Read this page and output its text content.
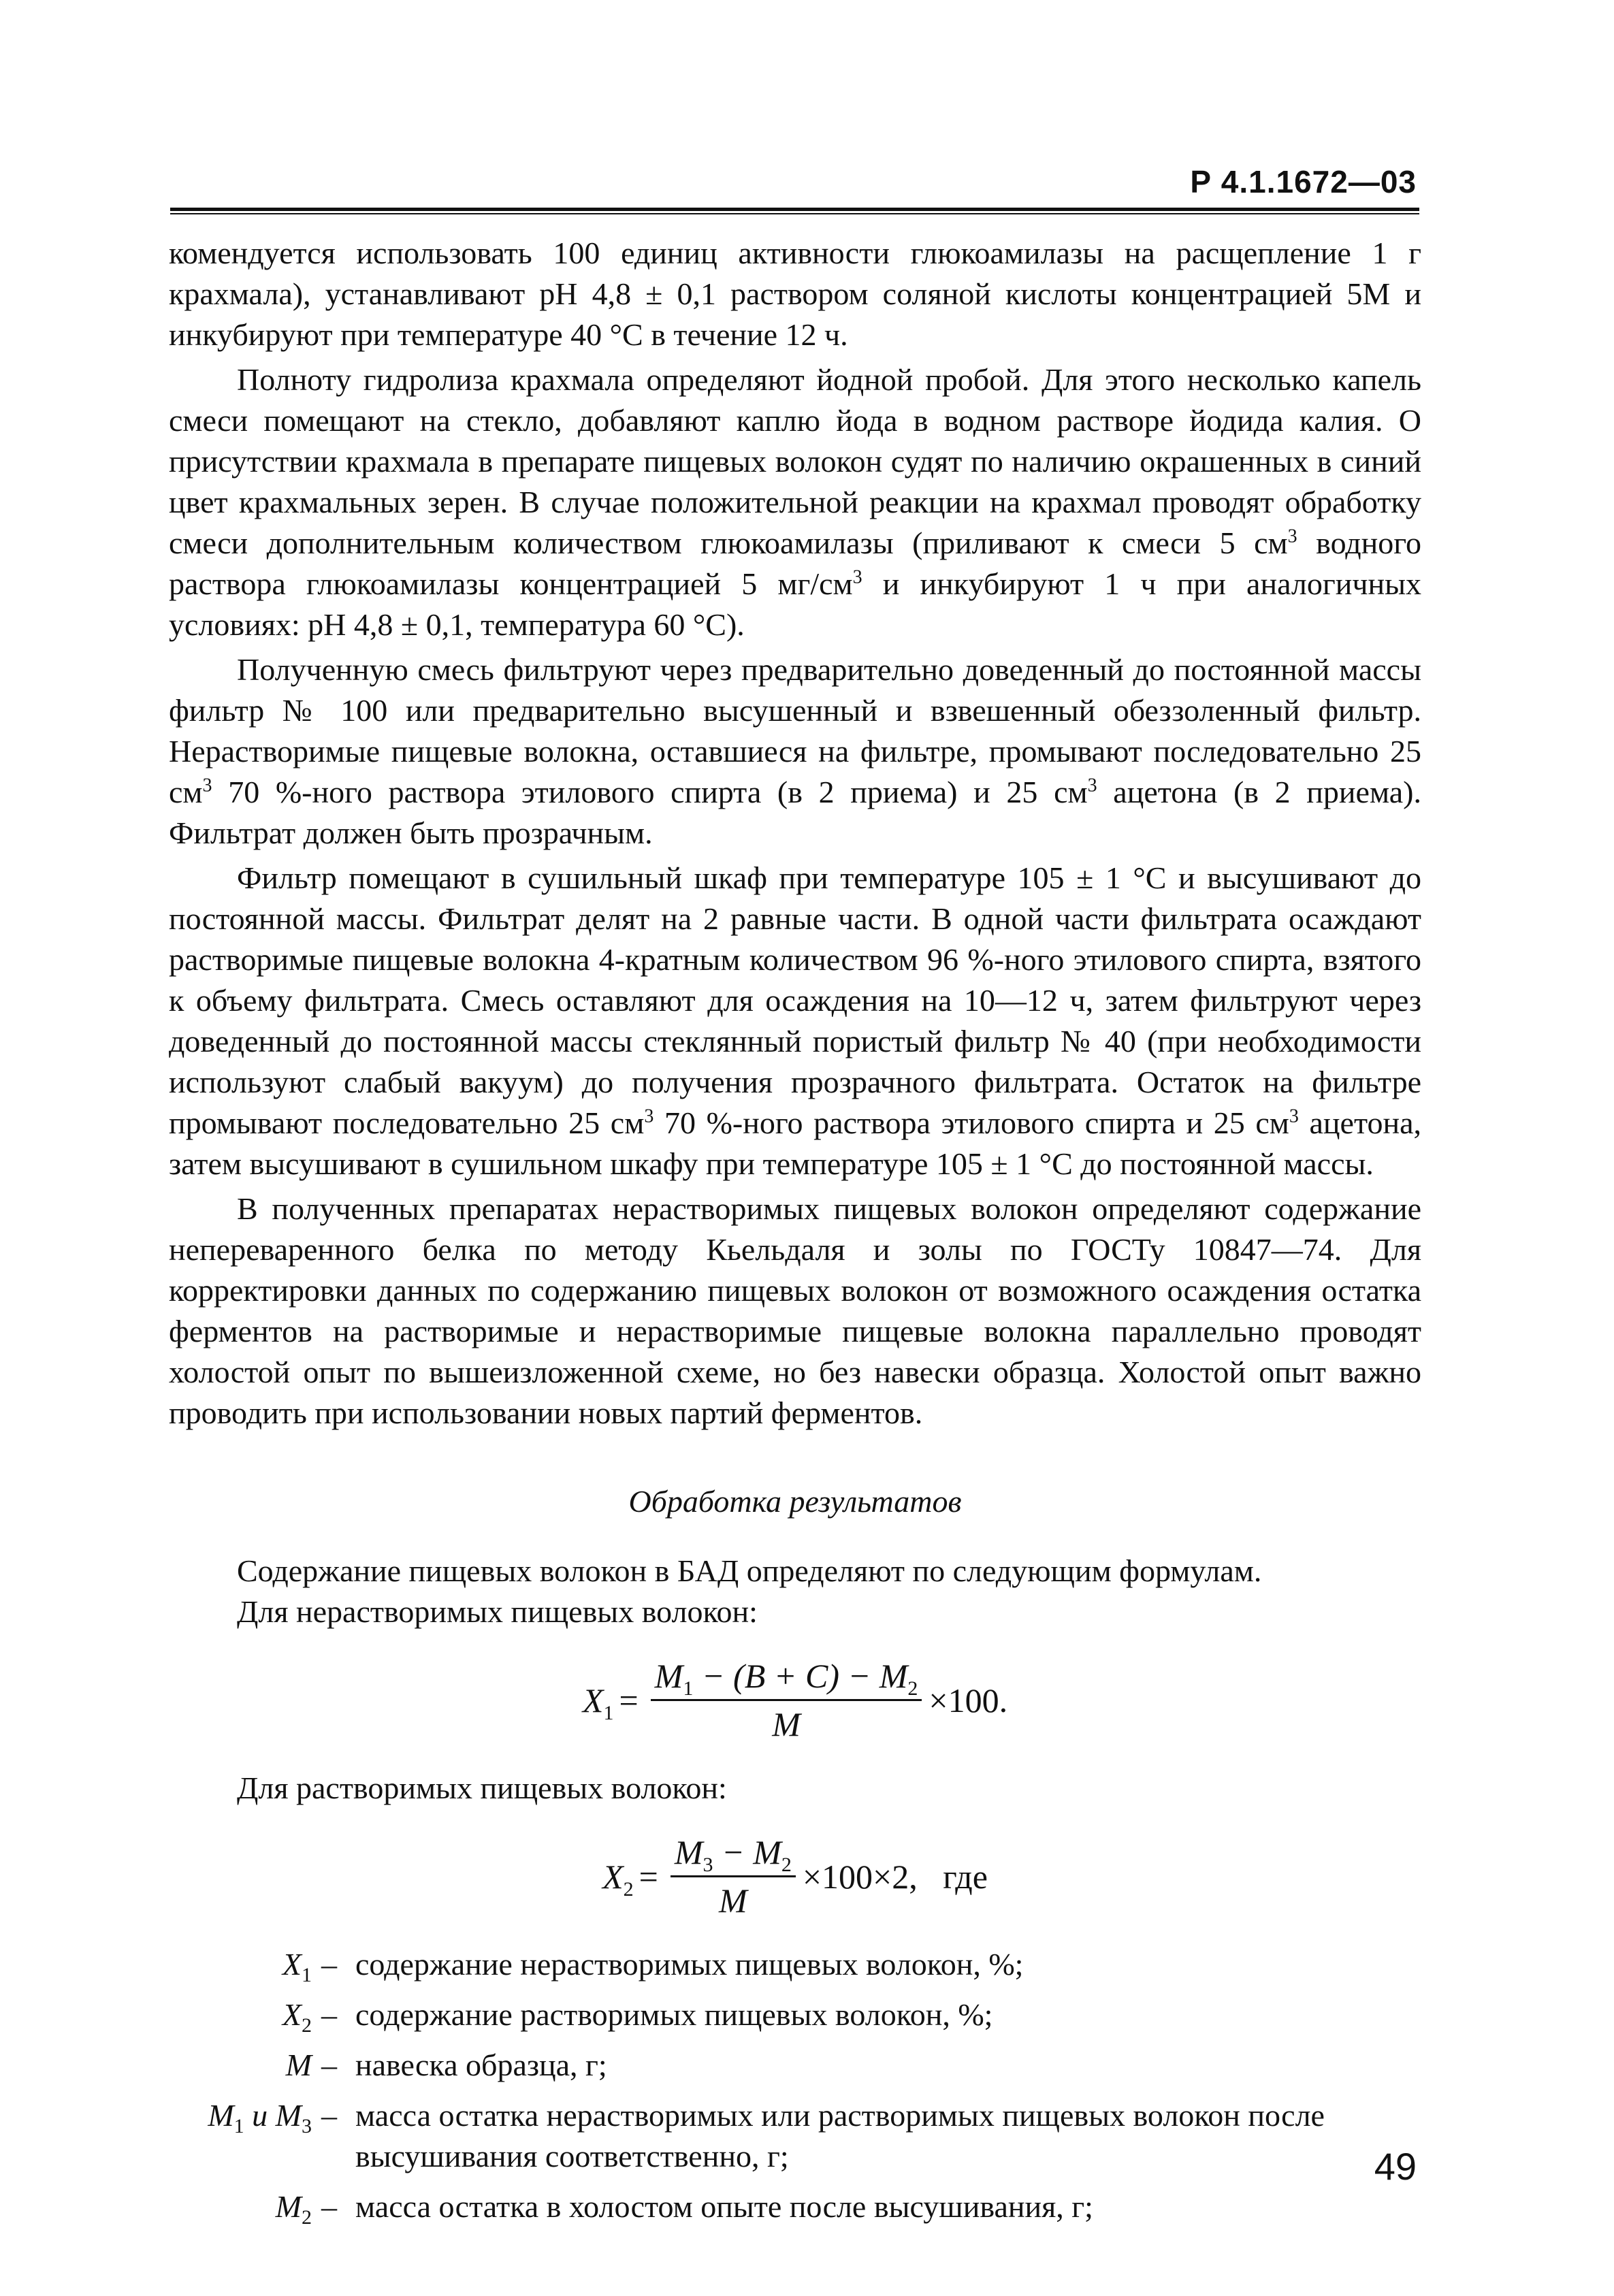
Р 4.1.1672—03

комендуется использовать 100 единиц активности глюкоамилазы на расщепление 1 г крахмала), устанавливают pH 4,8 ± 0,1 раствором соляной кислоты концентрацией 5М и инкубируют при температуре 40 °С в течение 12 ч.

Полноту гидролиза крахмала определяют йодной пробой. Для этого несколько капель смеси помещают на стекло, добавляют каплю йода в водном растворе йодида калия. О присутствии крахмала в препарате пищевых волокон судят по наличию окрашенных в синий цвет крахмальных зерен. В случае положительной реакции на крахмал проводят обработку смеси дополнительным количеством глюкоамилазы (приливают к смеси 5 $см^3$ водного раствора глюкоамилазы концентрацией 5 $мг/см^3$ и инкубируют 1 ч при аналогичных условиях: pH 4,8 ± 0,1, температура 60 °С).

Полученную смесь фильтруют через предварительно доведенный до постоянной массы фильтр № 100 или предварительно высушенный и взвешенный обеззоленный фильтр. Нерастворимые пищевые волокна, оставшиеся на фильтре, промывают последовательно 25 $см^3$ 70 %-ного раствора этилового спирта (в 2 приема) и 25 $см^3$ ацетона (в 2 приема). Фильтрат должен быть прозрачным.

Фильтр помещают в сушильный шкаф при температуре 105 ± 1 °С и высушивают до постоянной массы. Фильтрат делят на 2 равные части. В одной части фильтрата осаждают растворимые пищевые волокна 4-кратным количеством 96 %-ного этилового спирта, взятого к объему фильтрата. Смесь оставляют для осаждения на 10—12 ч, затем фильтруют через доведенный до постоянной массы стеклянный пористый фильтр № 40 (при необходимости используют слабый вакуум) до получения прозрачного фильтрата. Остаток на фильтре промывают последовательно 25 $см^3$ 70 %-ного раствора этилового спирта и 25 $см^3$ ацетона, затем высушивают в сушильном шкафу при температуре 105 ± 1 °С до постоянной массы.

В полученных препаратах нерастворимых пищевых волокон определяют содержание непереваренного белка по методу Кьельдаля и золы по ГОСТу 10847—74. Для корректировки данных по содержанию пищевых волокон от возможного осаждения остатка ферментов на растворимые и нерастворимые пищевые волокна параллельно проводят холостой опыт по вышеизложенной схеме, но без навески образца. Холостой опыт важно проводить при использовании новых партий ферментов.

Обработка результатов

Содержание пищевых волокон в БАД определяют по следующим формулам.

Для нерастворимых пищевых волокон:

$X_1 = \frac{M_1 - (B + C) - M_2}{M} \times 100$.

Для растворимых пищевых волокон:

$X_2 = \frac{M_3 - M_2}{M} \times 100\times 2$ ,   где
$X_1$ – содержание нерастворимых пищевых волокон, %;
$X_2$ – содержание растворимых пищевых волокон, %;
M – навеска образца, г;
$M_1$ и $M_3$ – масса остатка нерастворимых или растворимых пищевых волокон после высушивания соответственно, г;
$M_2$ – масса остатка в холостом опыте после высушивания, г;
49
